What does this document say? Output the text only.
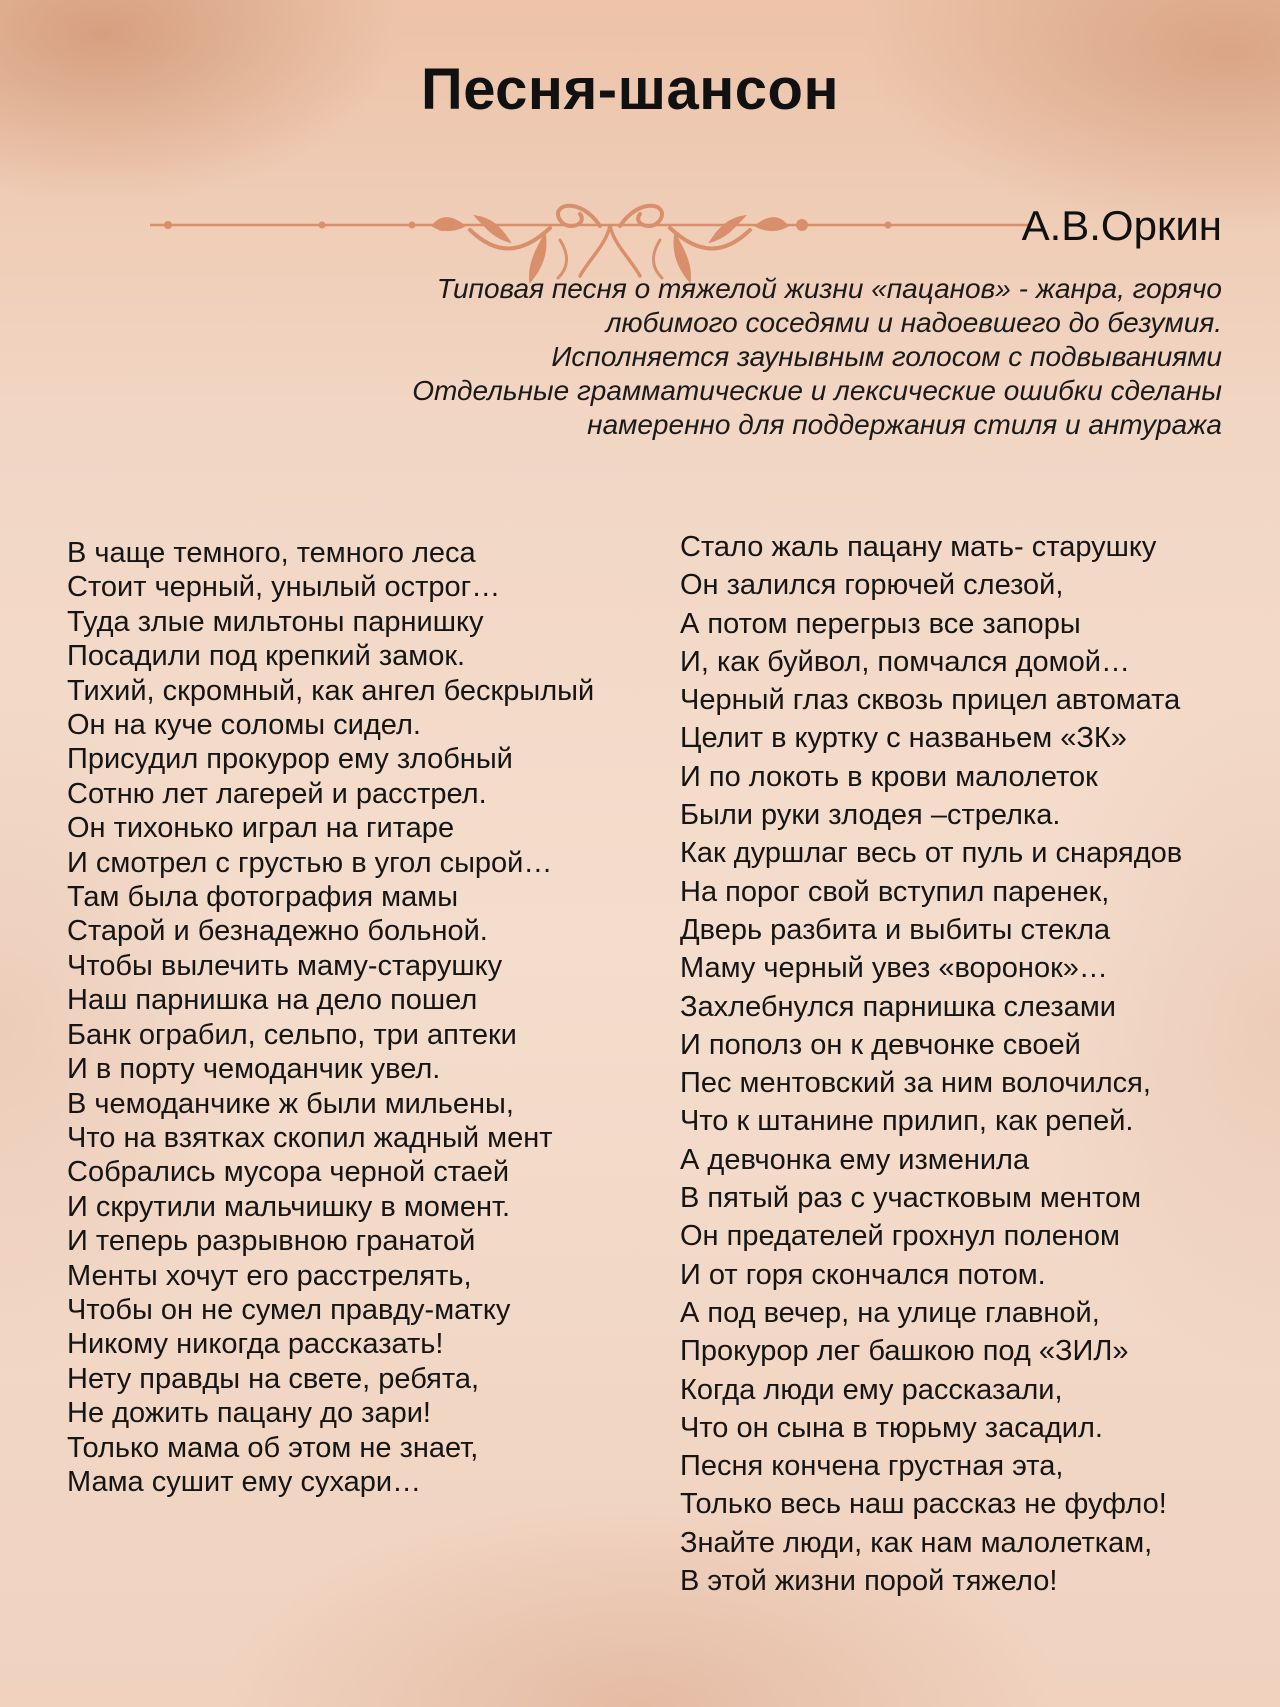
Песня-шансон
А.В.Оркин
Типовая песня о тяжелой жизни «пацанов» - жанра, горячо
любимого соседями и надоевшего до безумия.
Исполняется заунывным голосом с подвываниями
Отдельные грамматические и лексические ошибки сделаны
намеренно для поддержания стиля и антуража
В чаще темного, темного леса
Стоит черный, унылый острог…
Туда злые мильтоны парнишку
Посадили под крепкий замок.
Тихий, скромный, как ангел бескрылый
Он на куче соломы сидел.
Присудил прокурор ему злобный
Сотню лет лагерей и расстрел.
Он тихонько играл на гитаре
И смотрел с грустью в угол сырой…
Там была фотография мамы
Старой и безнадежно больной.
Чтобы вылечить маму-старушку
Наш парнишка на дело пошел
Банк ограбил, сельпо, три аптеки
И в порту чемоданчик увел.
В чемоданчике ж были мильены,
Что на взятках скопил жадный мент
Собрались мусора черной стаей
И скрутили мальчишку в момент.
И теперь разрывною гранатой
Менты хочут его расстрелять,
Чтобы он не сумел правду-матку
Никому никогда рассказать!
Нету правды на свете, ребята,
Не дожить пацану до зари!
Только мама об этом не знает,
Мама сушит ему сухари…
Стало жаль пацану мать- старушку
Он залился горючей слезой,
А потом перегрыз все запоры
И, как буйвол, помчался домой…
Черный глаз сквозь прицел автомата
Целит в куртку с названьем «ЗК»
И по локоть в крови малолеток
Были руки злодея –стрелка.
Как дуршлаг весь от пуль и снарядов
На порог свой вступил паренек,
Дверь разбита и выбиты стекла
Маму черный увез «воронок»…
Захлебнулся парнишка слезами
И пополз он к девчонке своей
Пес ментовский за ним волочился,
Что к штанине прилип, как репей.
А девчонка ему изменила
В пятый раз с участковым ментом
Он предателей грохнул поленом
И от горя скончался потом.
А под вечер, на улице главной,
Прокурор лег башкою под «ЗИЛ»
Когда люди ему рассказали,
Что он сына в тюрьму засадил.
Песня кончена грустная эта,
Только весь наш рассказ не фуфло!
Знайте люди, как нам малолеткам,
В этой жизни порой тяжело!
